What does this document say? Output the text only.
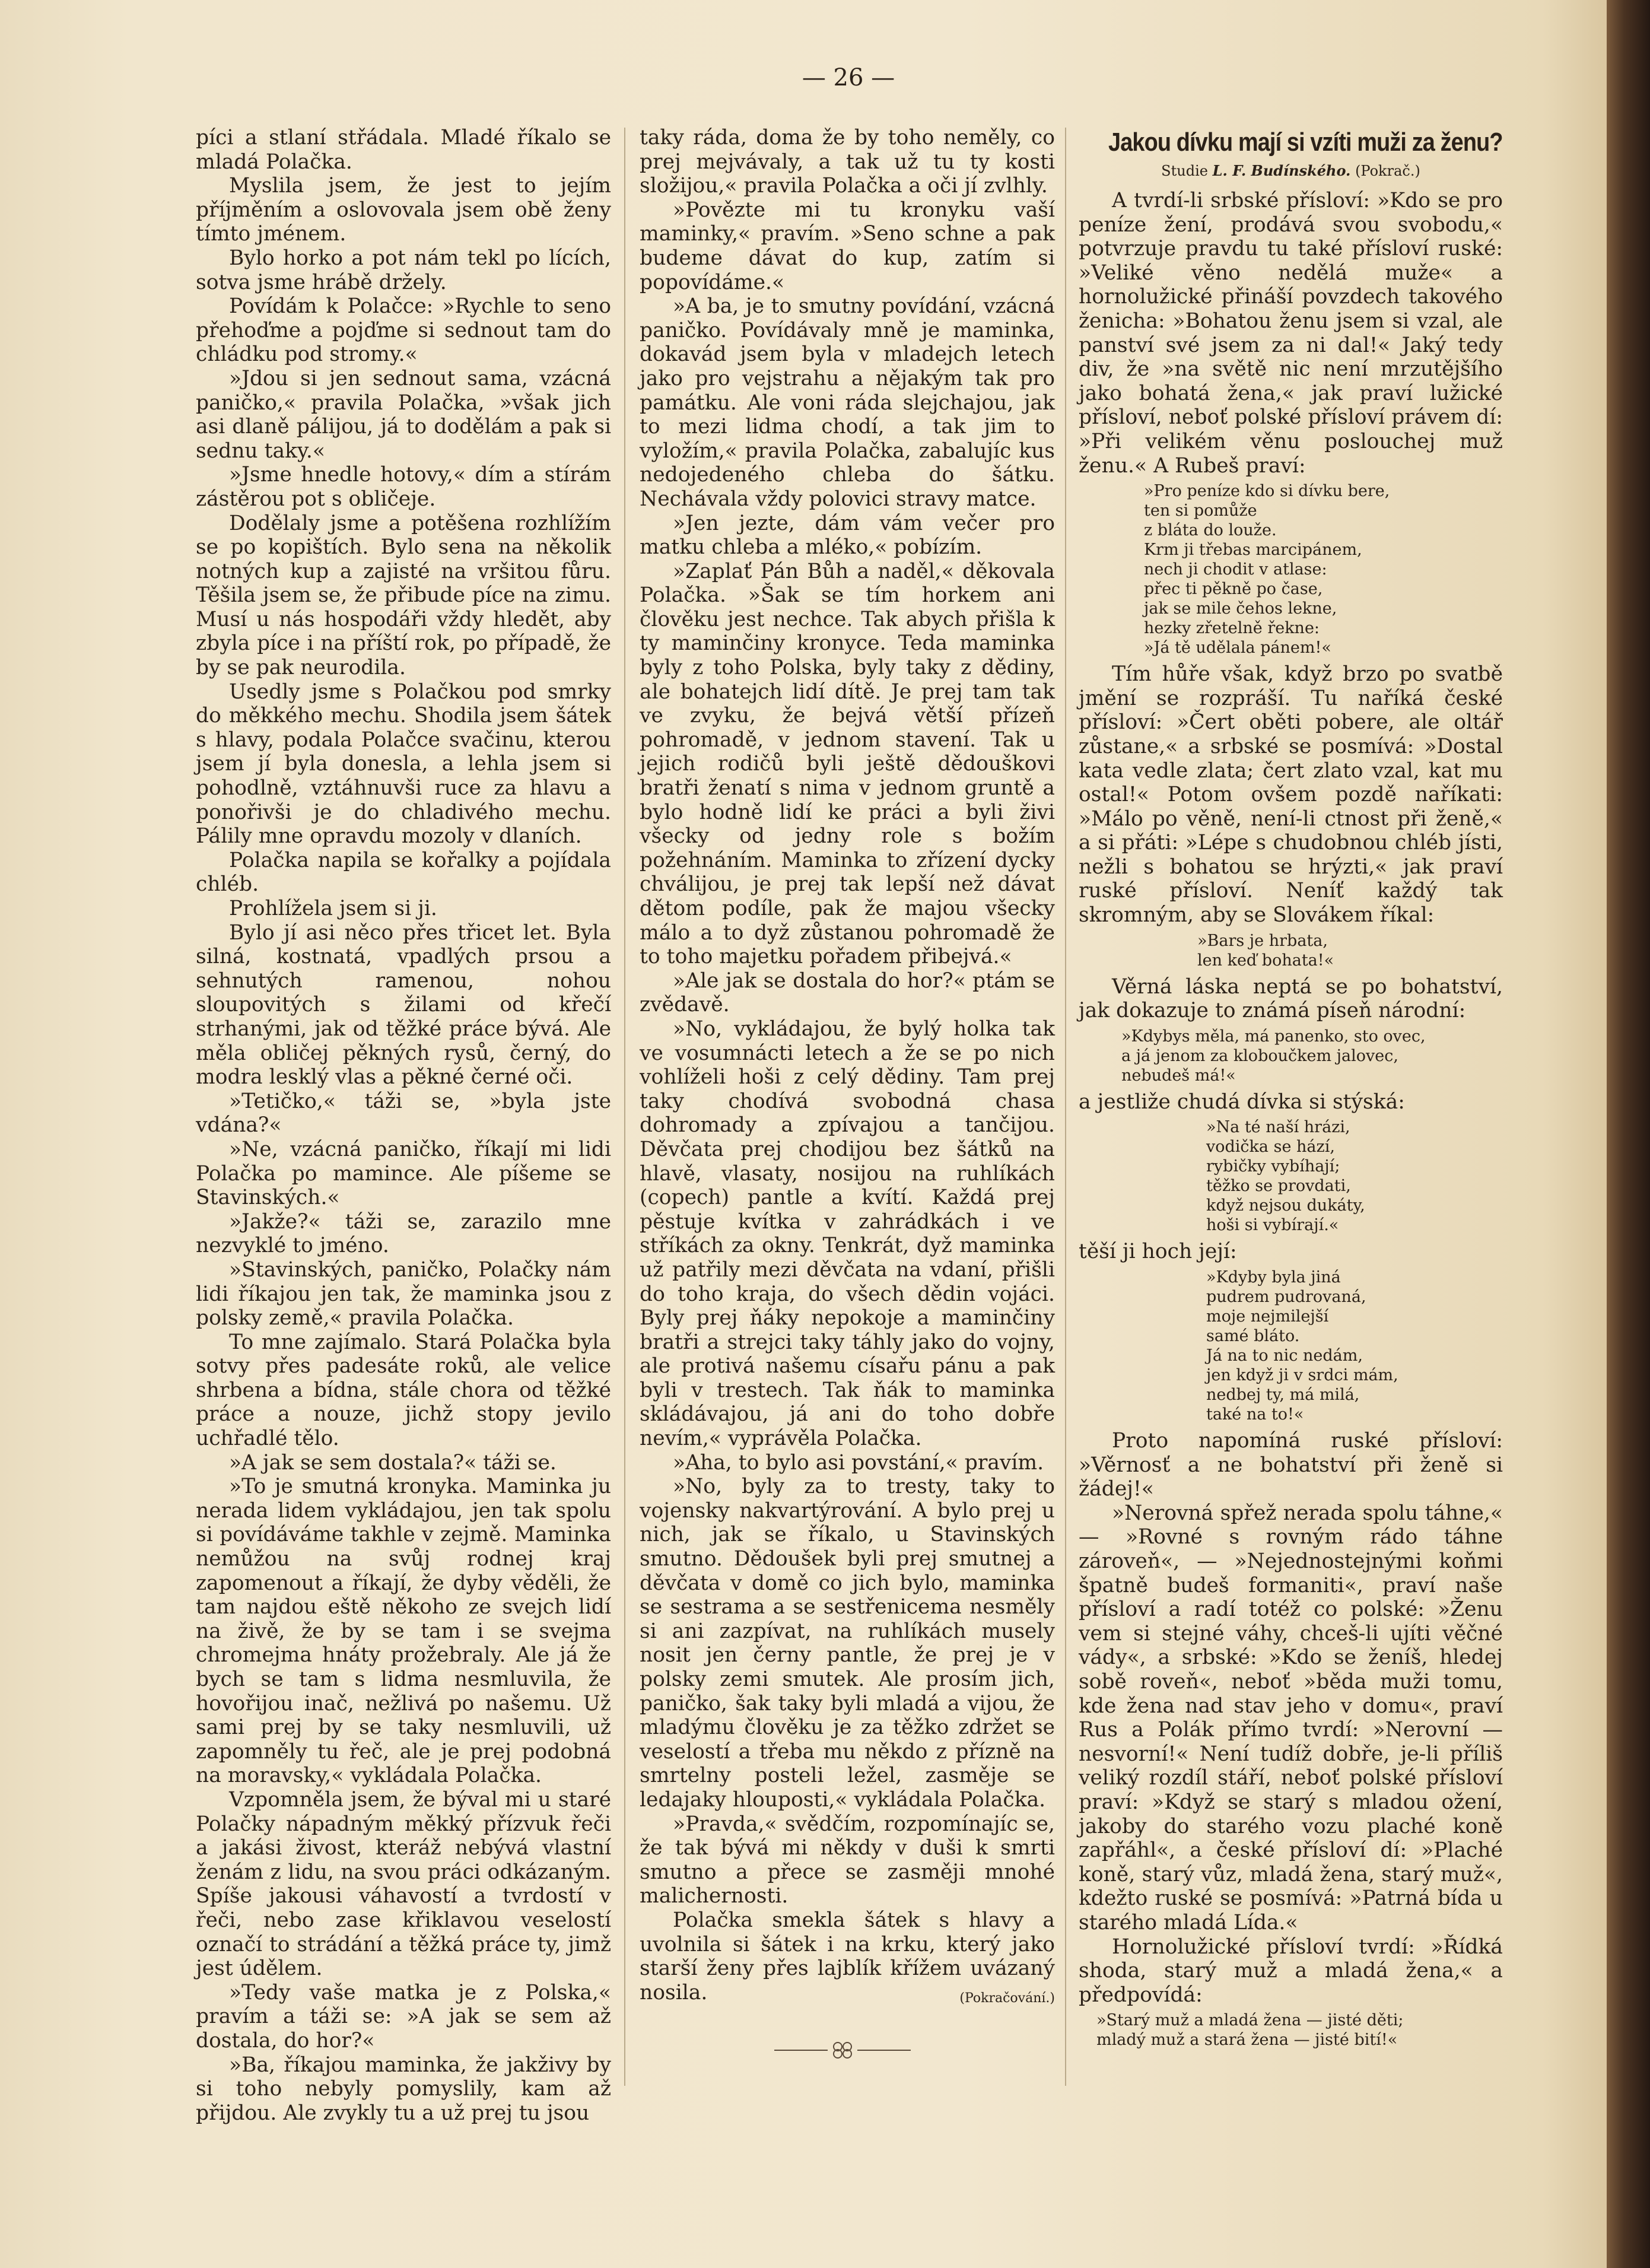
— 26 —

píci a stlaní střádala. Mladé říkalo se mladá Polačka.

Myslila jsem, že jest to jejím příjměním a oslovovala jsem obě ženy tímto jménem.

Bylo horko a pot nám tekl po lících, sotva jsme hrábě držely.

Povídám k Polačce: »Rychle to seno přehoďme a pojďme si sednout tam do chládku pod stromy.«

»Jdou si jen sednout sama, vzácná paničko,« pravila Polačka, »však jich asi dlaně pálijou, já to dodělám a pak si sednu taky.«

»Jsme hnedle hotovy,« dím a stírám zástěrou pot s obličeje.

Dodělaly jsme a potěšena rozhlížím se po kopištích. Bylo sena na několik notných kup a zajisté na vršitou fůru. Těšila jsem se, že přibude píce na zimu. Musí u nás hospodáři vždy hledět, aby zbyla píce i na příští rok, po případě, že by se pak neurodila.

Usedly jsme s Polačkou pod smrky do měkkého mechu. Shodila jsem šátek s hlavy, podala Polačce svačinu, kterou jsem jí byla donesla, a lehla jsem si pohodlně, vztáhnuvši ruce za hlavu a ponořivši je do chladivého mechu. Pálily mne opravdu mozoly v dlaních.

Polačka napila se kořalky a pojídala chléb.

Prohlížela jsem si ji.

Bylo jí asi něco přes třicet let. Byla silná, kostnatá, vpadlých prsou a sehnutých ramenou, nohou sloupovitých s žilami od křečí strhanými, jak od těžké práce bývá. Ale měla obličej pěkných rysů, černý, do modra lesklý vlas a pěkné černé oči.

»Tetičko,« táži se, »byla jste vdána?«

»Ne, vzácná paničko, říkají mi lidi Polačka po mamince. Ale píšeme se Stavinských.«

»Jakže?« táži se, zarazilo mne nezvyklé to jméno.

»Stavinských, paničko, Polačky nám lidi říkajou jen tak, že maminka jsou z polsky země,« pravila Polačka.

To mne zajímalo. Stará Polačka byla sotvy přes padesáte roků, ale velice shrbena a bídna, stále chora od těžké práce a nouze, jichž stopy jevilo uchřadlé tělo.

»A jak se sem dostala?« táži se.

»To je smutná kronyka. Maminka ju nerada lidem vykládajou, jen tak spolu si povídáváme takhle v zejmě. Maminka nemůžou na svůj rodnej kraj zapomenout a říkají, že dyby věděli, že tam najdou eště někoho ze svejch lidí na živě, že by se tam i se svejma chromejma hnáty prožebraly. Ale já že bych se tam s lidma nesmluvila, že hovořijou inač, nežlivá po našemu. Už sami prej by se taky nesmluvili, už zapomněly tu řeč, ale je prej podobná na moravsky,« vykládala Polačka.

Vzpomněla jsem, že býval mi u staré Polačky nápadným měkký přízvuk řeči a jakási živost, kteráž nebývá vlastní ženám z lidu, na svou práci odkázaným. Spíše jakousi váhavostí a tvrdostí v řeči, nebo zase křiklavou veselostí označí to strádání a těžká práce ty, jimž jest údělem.

»Tedy vaše matka je z Polska,« pravím a táži se: »A jak se sem až dostala, do hor?«

»Ba, říkajou maminka, že jakživy by si toho nebyly pomyslily, kam až přijdou. Ale zvykly tu a už prej tu jsou

taky ráda, doma že by toho neměly, co prej mejvávaly, a tak už tu ty kosti složijou,« pravila Polačka a oči jí zvlhly.

»Povězte mi tu kronyku vaší maminky,« pravím. »Seno schne a pak budeme dávat do kup, zatím si popovídáme.«

»A ba, je to smutny povídání, vzácná paničko. Povídávaly mně je maminka, dokavád jsem byla v mladejch letech jako pro vejstrahu a nějakým tak pro památku. Ale voni ráda slejchajou, jak to mezi lidma chodí, a tak jim to vyložím,« pravila Polačka, zabalujíc kus nedojedeného chleba do šátku. Nechávala vždy polovici stravy matce.

»Jen jezte, dám vám večer pro matku chleba a mléko,« pobízím.

»Zaplať Pán Bůh a naděl,« děkovala Polačka. »Šak se tím horkem ani člověku jest nechce. Tak abych přišla k ty maminčiny kronyce. Teda maminka byly z toho Polska, byly taky z dědiny, ale bohatejch lidí dítě. Je prej tam tak ve zvyku, že bejvá větší přízeň pohromadě, v jednom stavení. Tak u jejich rodičů byli ještě dědouškovi bratři ženatí s nima v jednom gruntě a bylo hodně lidí ke práci a byli živi všecky od jedny role s božím požehnáním. Maminka to zřízení dycky chválijou, je prej tak lepší než dávat dětom podíle, pak že majou všecky málo a to dyž zůstanou pohromadě že to toho majetku pořadem přibejvá.«

»Ale jak se dostala do hor?« ptám se zvědavě.

»No, vykládajou, že bylý holka tak ve vosumnácti letech a že se po nich vohlíželi hoši z celý dědiny. Tam prej taky chodívá svobodná chasa dohromady a zpívajou a tančijou. Děvčata prej chodijou bez šátků na hlavě, vlasaty, nosijou na ruhlíkách (copech) pantle a kvítí. Každá prej pěstuje kvítka v zahrádkách i ve stříkách za okny. Tenkrát, dyž maminka už patřily mezi děvčata na vdaní, přišli do toho kraja, do všech dědin vojáci. Byly prej ňáky nepokoje a maminčiny bratři a strejci taky táhly jako do vojny, ale protivá našemu císařu pánu a pak byli v trestech. Tak ňák to maminka skládávajou, já ani do toho dobře nevím,« vyprávěla Polačka.

»Aha, to bylo asi povstání,« pravím.

»No, byly za to tresty, taky to vojensky nakvartýrování. A bylo prej u nich, jak se říkalo, u Stavinských smutno. Dědoušek byli prej smutnej a děvčata v domě co jich bylo, maminka se sestrama a se sestřenicema nesměly si ani zazpívat, na ruhlíkách musely nosit jen černy pantle, že prej je v polsky zemi smutek. Ale prosím jich, paničko, šak taky byli mladá a vijou, že mladýmu člověku je za těžko zdržet se veselostí a třeba mu někdo z přízně na smrtelny posteli ležel, zasměje se ledajaky hlouposti,« vykládala Polačka.

»Pravda,« svědčím, rozpomínajíc se, že tak bývá mi někdy v duši k smrti smutno a přece se zasměji mnohé malichernosti.

Polačka smekla šátek s hlavy a uvolnila si šátek i na krku, který jako starší ženy přes lajblík křížem uvázaný nosila.	(Pokračování.)

Jakou dívku mají si vzíti muži za ženu?
Studie L. F. Budínského. (Pokrač.)

A tvrdí-li srbské přísloví: »Kdo se pro peníze žení, prodává svou svobodu,« potvrzuje pravdu tu také přísloví ruské: »Veliké věno nedělá muže« a hornolužické přináší povzdech takového ženicha: »Bohatou ženu jsem si vzal, ale panství své jsem za ni dal!« Jaký tedy div, že »na světě nic není mrzutějšího jako bohatá žena,« jak praví lužické přísloví, neboť polské přísloví právem dí: »Při velikém věnu poslouchej muž ženu.« A Rubeš praví:

»Pro peníze kdo si dívku bere,
ten si pomůže
z bláta do louže.
Krm ji třebas marcipánem,
nech ji chodit v atlase:
přec ti pěkně po čase,
jak se mile čehos lekne,
hezky zřetelně řekne:
»Já tě udělala pánem!«

Tím hůře však, když brzo po svatbě jmění se rozpráší. Tu naříká české přísloví: »Čert oběti pobere, ale oltář zůstane,« a srbské se posmívá: »Dostal kata vedle zlata; čert zlato vzal, kat mu ostal!« Potom ovšem pozdě naříkati: »Málo po věně, není-li ctnost při ženě,« a si přáti: »Lépe s chudobnou chléb jísti, nežli s bohatou se hrýzti,« jak praví ruské přísloví. Neníť každý tak skromným, aby se Slovákem říkal:

»Bars je hrbata,
len keď bohata!«

Věrná láska neptá se po bohatství, jak dokazuje to známá píseň národní:

»Kdybys měla, má panenko, sto ovec,
a já jenom za kloboučkem jalovec,
nebudeš má!«

a jestliže chudá dívka si stýská:

»Na té naší hrázi,
vodička se hází,
rybičky vybíhají;
těžko se provdati,
když nejsou dukáty,
hoši si vybírají.«

těší ji hoch její:

»Kdyby byla jiná
pudrem pudrovaná,
moje nejmilejší
samé bláto.
Já na to nic nedám,
jen když ji v srdci mám,
nedbej ty, má milá,
také na to!«

Proto napomíná ruské přísloví: »Věrnosť a ne bohatství při ženě si žádej!«

»Nerovná spřež nerada spolu táhne,« — »Rovné s rovným rádo táhne zároveň«, — »Nejednostejnými koňmi špatně budeš formaniti«, praví naše přísloví a radí totéž co polské: »Ženu vem si stejné váhy, chceš-li ujíti věčné vády«, a srbské: »Kdo se ženíš, hledej sobě roveň«, neboť »běda muži tomu, kde žena nad stav jeho v domu«, praví Rus a Polák přímo tvrdí: »Nerovní — nesvorní!« Není tudíž dobře, je-li příliš veliký rozdíl stáří, neboť polské přísloví praví: »Když se starý s mladou ožení, jakoby do starého vozu plaché koně zapřáhl«, a české přísloví dí: »Plaché koně, starý vůz, mladá žena, starý muž«, kdežto ruské se posmívá: »Patrná bída u starého mladá Lída.«

Hornolužické přísloví tvrdí: »Řídká shoda, starý muž a mladá žena,« a předpovídá:

»Starý muž a mladá žena — jisté děti;
mladý muž a stará žena — jisté bití!«
